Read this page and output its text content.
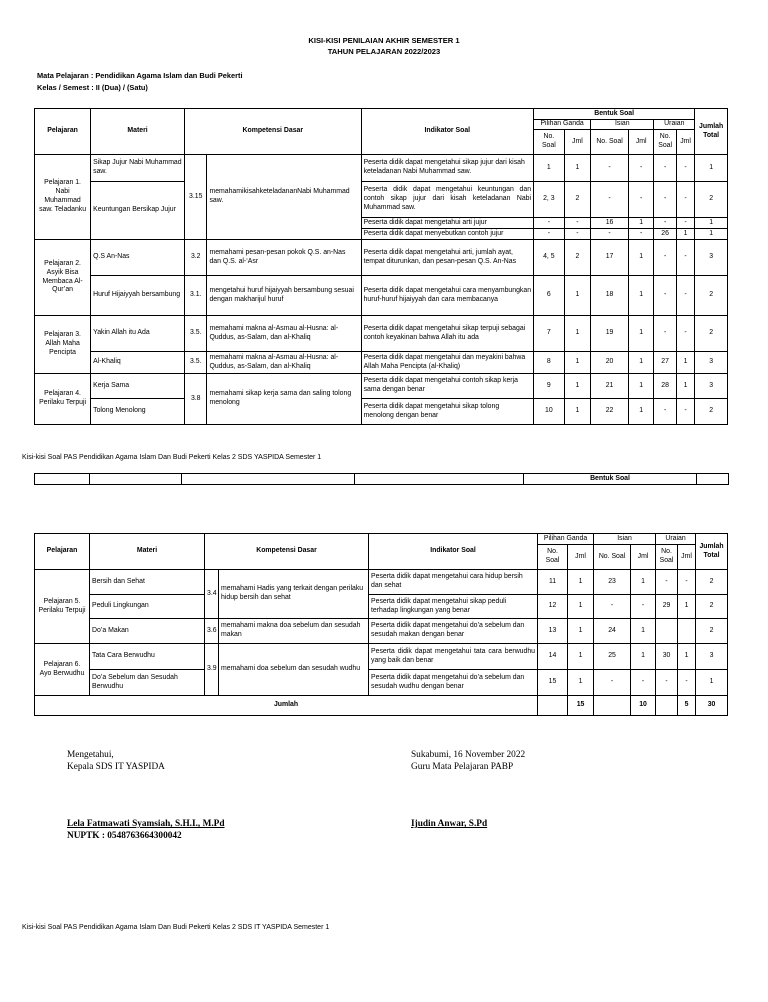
KISI-KISI PENILAIAN AKHIR SEMESTER 1
TAHUN PELAJARAN 2022/2023
Mata Pelajaran : Pendidikan Agama Islam dan Budi Pekerti
Kelas / Semest : II (Dua) / (Satu)
Pelajaran	Materi	Kompetensi Dasar		Indikator Soal	Bentuk Soal						Jumlah Total
					Pilihan Ganda		Isian		Uraian		
					No. Soal	Jml	No. Soal	Jml	No. Soal	Jml	
Pelajaran 1. Nabi Muhammad saw. Teladanku	Sikap Jujur Nabi Muhammad saw.	3.15	memahamikisahketeladananNabi Muhammad saw.	Peserta didik dapat mengetahui sikap jujur dari kisah keteladanan Nabi Muhammad saw.	1	1	-	-	-	-	1
	Keuntungan Bersikap Jujur			Peserta didik dapat mengetahui keuntungan dan contoh sikap jujur dari kisah keteladanan Nabi Muhammad saw.	2, 3	2	-	-	-	-	2
				Peserta didik dapat mengetahui arti jujur	-	-	16	1	-	-	1
				Peserta didik dapat menyebutkan contoh jujur	-	-	-	-	26	1	1
Pelajaran 2. Asyik Bisa Membaca Al-Qur’an	Q.S An-Nas	3.2	memahami pesan-pesan pokok Q.S. an-Nas dan Q.S. al-‘Asr	Peserta didik dapat mengetahui arti, jumlah ayat, tempat diturunkan, dan pesan-pesan Q.S. An-Nas	4, 5	2	17	1	-	-	3
	Huruf Hijaiyyah bersambung	3.1.	mengetahui huruf hijaiyyah bersambung sesuai dengan makharijul huruf	Peserta didik dapat mengetahui cara menyambungkan huruf-huruf hijaiyyah dan cara membacanya	6	1	18	1	-	-	2
Pelajaran 3. Allah Maha Pencipta	Yakin Allah itu Ada	3.5.	memahami makna al-Asmau al-Husna: al-Quddus, as-Salam, dan al-Khaliq	Peserta didik dapat mengetahui sikap terpuji sebagai contoh keyakinan bahwa Allah itu ada	7	1	19	1	-	-	2
	Al-Khaliq	3.5.	memahami makna al-Asmau al-Husna: al-Quddus, as-Salam, dan al-Khaliq	Peserta didik dapat mengetahui dan meyakini bahwa Allah Maha Pencipta (al-Khaliq)	8	1	20	1	27	1	3
Pelajaran 4. Perilaku Terpuji	Kerja Sama	3.8	memahami sikap kerja sama dan saling tolong menolong	Peserta didik dapat mengetahui contoh sikap kerja sama dengan benar	9	1	21	1	28	1	3
	Tolong Menolong			Peserta didik dapat mengetahui sikap tolong menolong dengan benar	10	1	22	1	-	-	2
Kisi-kisi Soal PAS Pendidikan Agama Islam Dan Budi Pekerti Kelas 2 SDS YASPIDA Semester 1
				Bentuk Soal	
Pelajaran	Materi	Kompetensi Dasar		Indikator Soal	Pilihan Ganda		Isian		Uraian		Jumlah Total
					No. Soal	Jml	No. Soal	Jml	No. Soal	Jml	
Pelajaran 5. Perilaku Terpuji	Bersih dan Sehat	3.4	memahami Hadis yang terkait dengan perilaku hidup bersih dan sehat	Peserta didik dapat mengetahui cara hidup bersih dan sehat	11	1	23	1	-	-	2
	Peduli Lingkungan			Peserta didik dapat mengetahui sikap peduli terhadap lingkungan yang benar	12	1	-	-	29	1	2
	Do’a Makan	3.6	memahami makna doa sebelum dan sesudah makan	Peserta didik dapat mengetahui do’a sebelum dan sesudah makan dengan benar	13	1	24	1			2
Pelajaran 6. Ayo Berwudhu	Tata Cara Berwudhu	3.9	memahami doa sebelum dan sesudah wudhu	Peserta didik dapat mengetahui tata cara berwudhu yang baik dan benar	14	1	25	1	30	1	3
	Do’a Sebelum dan Sesudah Berwudhu			Peserta didik dapat mengetahui do’a sebelum dan sesudah wudhu dengan benar	15	1	-	-	-	-	1
Jumlah						15		10		5	30
Mengetahui,
Kepala SDS IT YASPIDA
Lela Fatmawati Syamsiah, S.H.I., M.Pd
NUPTK : 0548763664300042
Sukabumi, 16 November 2022
Guru Mata Pelajaran PABP
Ijudin Anwar, S.Pd
Kisi-kisi Soal PAS Pendidikan Agama Islam Dan Budi Pekerti Kelas 2 SDS IT YASPIDA Semester 1
